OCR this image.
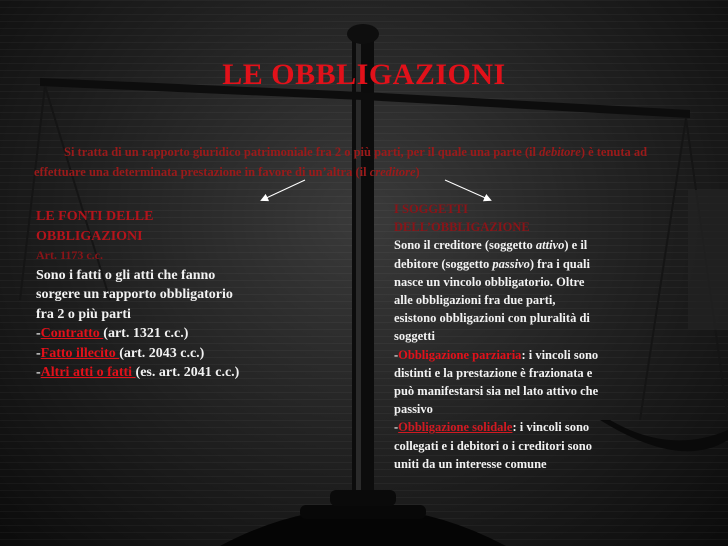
LE OBBLIGAZIONI
Si tratta di un rapporto giuridico patrimoniale fra 2 o più parti, per il quale una parte (il debitore) è tenuta ad effettuare una determinata prestazione in favore di un’altra (il creditore)
LE FONTI DELLE
OBBLIGAZIONI
Art. 1173 c.c.
Sono i fatti o gli atti che fanno
sorgere un rapporto obbligatorio
fra 2 o più parti
-Contratto (art. 1321 c.c.)
-Fatto illecito (art. 2043 c.c.)
-Altri atti o fatti (es. art. 2041 c.c.)
I SOGGETTI
DELL’OBBLIGAZIONE
Sono il creditore (soggetto attivo) e il
debitore (soggetto passivo) fra i quali
nasce un vincolo obbligatorio. Oltre
alle obbligazioni fra due parti,
esistono obbligazioni con pluralità di
soggetti
-Obbligazione parziaria: i vincoli sono
distinti e la prestazione è frazionata e
può manifestarsi sia nel lato attivo che
passivo
-Obbligazione solidale: i vincoli sono
collegati e i debitori o i creditori sono
uniti da un interesse comune
